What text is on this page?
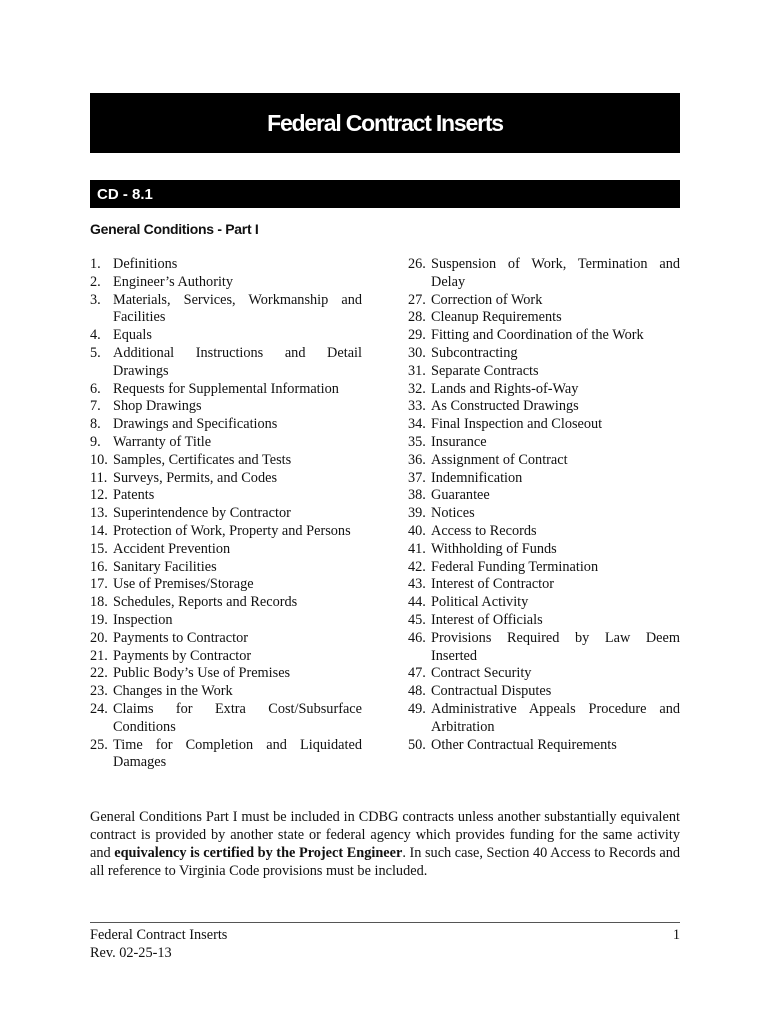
Federal Contract Inserts
CD - 8.1
General Conditions - Part I
1. Definitions
2. Engineer’s Authority
3. Materials, Services, Workmanship and Facilities
4. Equals
5. Additional Instructions and Detail Drawings
6. Requests for Supplemental Information
7. Shop Drawings
8. Drawings and Specifications
9. Warranty of Title
10. Samples, Certificates and Tests
11. Surveys, Permits, and Codes
12. Patents
13. Superintendence by Contractor
14. Protection of Work, Property and Persons
15. Accident Prevention
16. Sanitary Facilities
17. Use of Premises/Storage
18. Schedules, Reports and Records
19. Inspection
20. Payments to Contractor
21. Payments by Contractor
22. Public Body’s Use of Premises
23. Changes in the Work
24. Claims for Extra Cost/Subsurface Conditions
25. Time for Completion and Liquidated Damages
26. Suspension of Work, Termination and Delay
27. Correction of Work
28. Cleanup Requirements
29. Fitting and Coordination of the Work
30. Subcontracting
31. Separate Contracts
32. Lands and Rights-of-Way
33. As Constructed Drawings
34. Final Inspection and Closeout
35. Insurance
36. Assignment of Contract
37. Indemnification
38. Guarantee
39. Notices
40. Access to Records
41. Withholding of Funds
42. Federal Funding Termination
43. Interest of Contractor
44. Political Activity
45. Interest of Officials
46. Provisions Required by Law Deem Inserted
47. Contract Security
48. Contractual Disputes
49. Administrative Appeals Procedure and Arbitration
50. Other Contractual Requirements

General Conditions Part I must be included in CDBG contracts unless another substantially equivalent contract is provided by another state or federal agency which provides funding for the same activity and equivalency is certified by the Project Engineer. In such case, Section 40 Access to Records and all reference to Virginia Code provisions must be included.

Federal Contract Inserts
Rev. 02-25-13
1
